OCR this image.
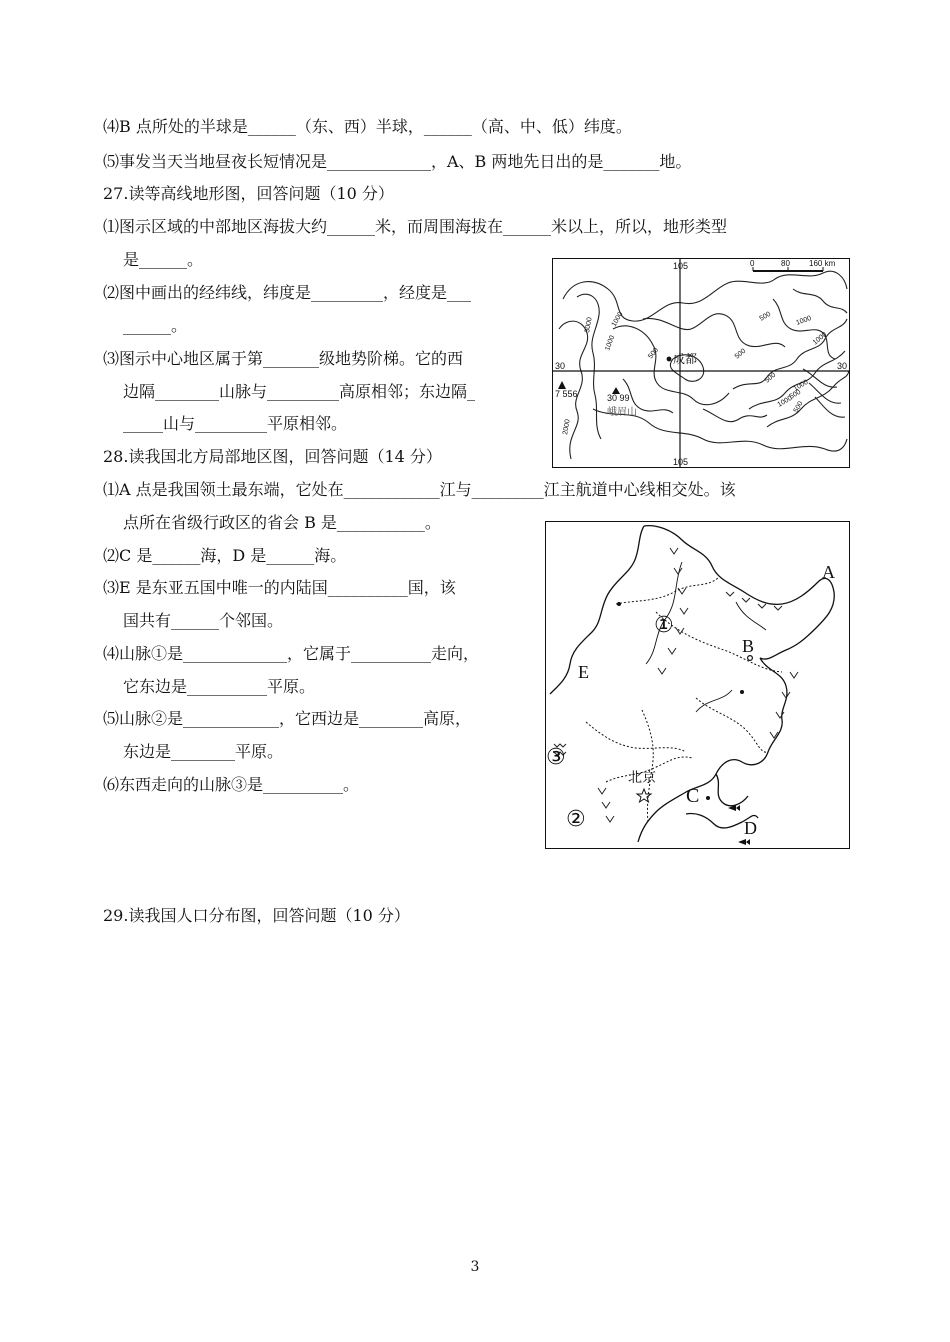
⑷B 点所处的半球是______（东、西）半球，______（高、中、低）纬度。
⑸事发当天当地昼夜长短情况是_____________，A、B 两地先日出的是_______地。
27.读等高线地形图，回答问题（10 分）
⑴图示区域的中部地区海拔大约______米，而周围海拔在______米以上，所以，地形类型
是______。
⑵图中画出的经纬线，纬度是_________，经度是___
______。
⑶图示中心地区属于第_______级地势阶梯。它的西
边隔________山脉与_________高原相邻；东边隔_
_____山与_________平原相邻。
105
105
30	30
0	80 160 km
成都
7 556	30 99
峨眉山
3000
1000
1000
500
500	1000
500
500
1000
2000
1000
1000
500
500
28.读我国北方局部地区图，回答问题（14 分）
⑴A 点是我国领土最东端，它处在____________江与_________江主航道中心线相交处。该
点所在省级行政区的省会 B 是___________。
⑵C 是______海，D 是______海。
⑶E 是东亚五国中唯一的内陆国__________国，该
国共有______个邻国。
⑷山脉①是_____________，它属于__________走向，
它东边是__________平原。
⑸山脉②是____________，它西边是________高原，
东边是________平原。
⑹东西走向的山脉③是__________。
A
B
C
D
E
①
②
③
北京
29.读我国人口分布图，回答问题（10 分）
3
